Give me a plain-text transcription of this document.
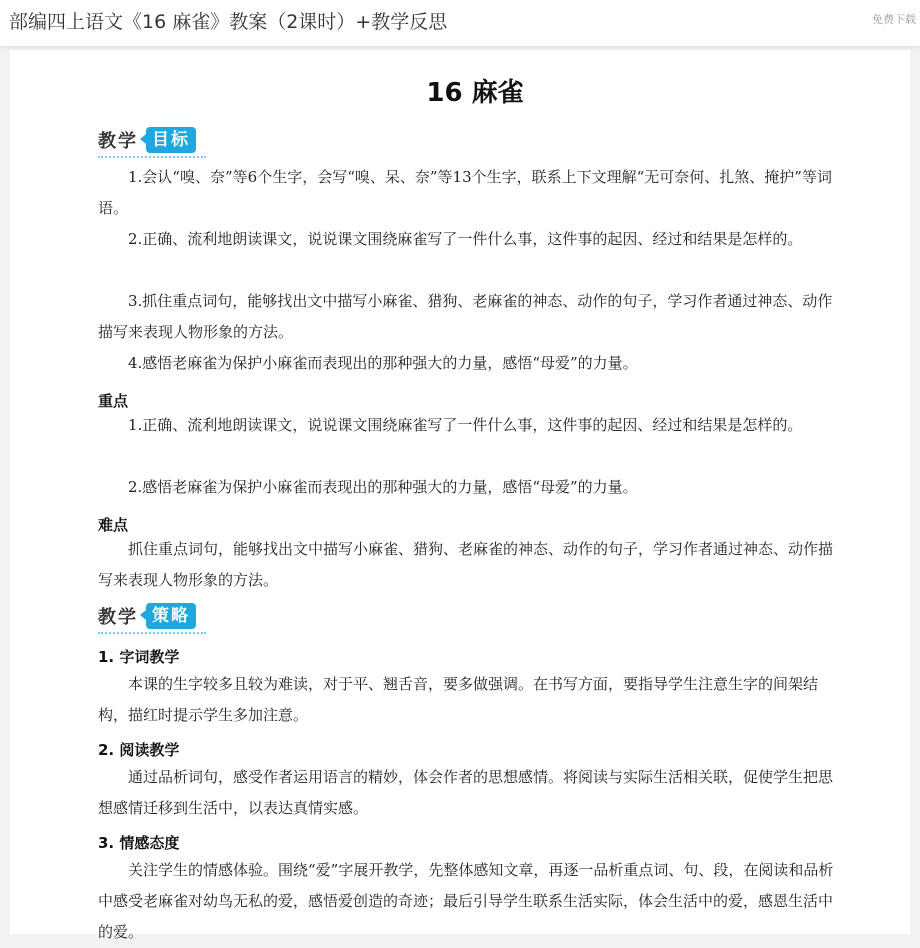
部编四上语文《16 麻雀》教案（2课时）+教学反思	免费下载
16 麻雀
教学 目标
1.会认“嗅、奈”等6个生字，会写“嗅、呆、奈”等13个生字，联系上下文理解“无可奈何、扎煞、掩护”等词语。
2.正确、流利地朗读课文，说说课文围绕麻雀写了一件什么事，这件事的起因、经过和结果是怎样的。
3.抓住重点词句，能够找出文中描写小麻雀、猎狗、老麻雀的神态、动作的句子，学习作者通过神态、动作描写来表现人物形象的方法。
4.感悟老麻雀为保护小麻雀而表现出的那种强大的力量，感悟“母爱”的力量。
重点
1.正确、流利地朗读课文，说说课文围绕麻雀写了一件什么事，这件事的起因、经过和结果是怎样的。
2.感悟老麻雀为保护小麻雀而表现出的那种强大的力量，感悟“母爱”的力量。
难点
抓住重点词句，能够找出文中描写小麻雀、猎狗、老麻雀的神态、动作的句子，学习作者通过神态、动作描写来表现人物形象的方法。
教学 策略
1. 字词教学
本课的生字较多且较为难读，对于平、翘舌音，要多做强调。在书写方面，要指导学生注意生字的间架结构，描红时提示学生多加注意。
2. 阅读教学
通过品析词句，感受作者运用语言的精妙，体会作者的思想感情。将阅读与实际生活相关联，促使学生把思想感情迁移到生活中，以表达真情实感。
3. 情感态度
关注学生的情感体验。围绕“爱”字展开教学，先整体感知文章，再逐一品析重点词、句、段，在阅读和品析中感受老麻雀对幼鸟无私的爱，感悟爱创造的奇迹；最后引导学生联系生活实际，体会生活中的爱，感恩生活中的爱。
